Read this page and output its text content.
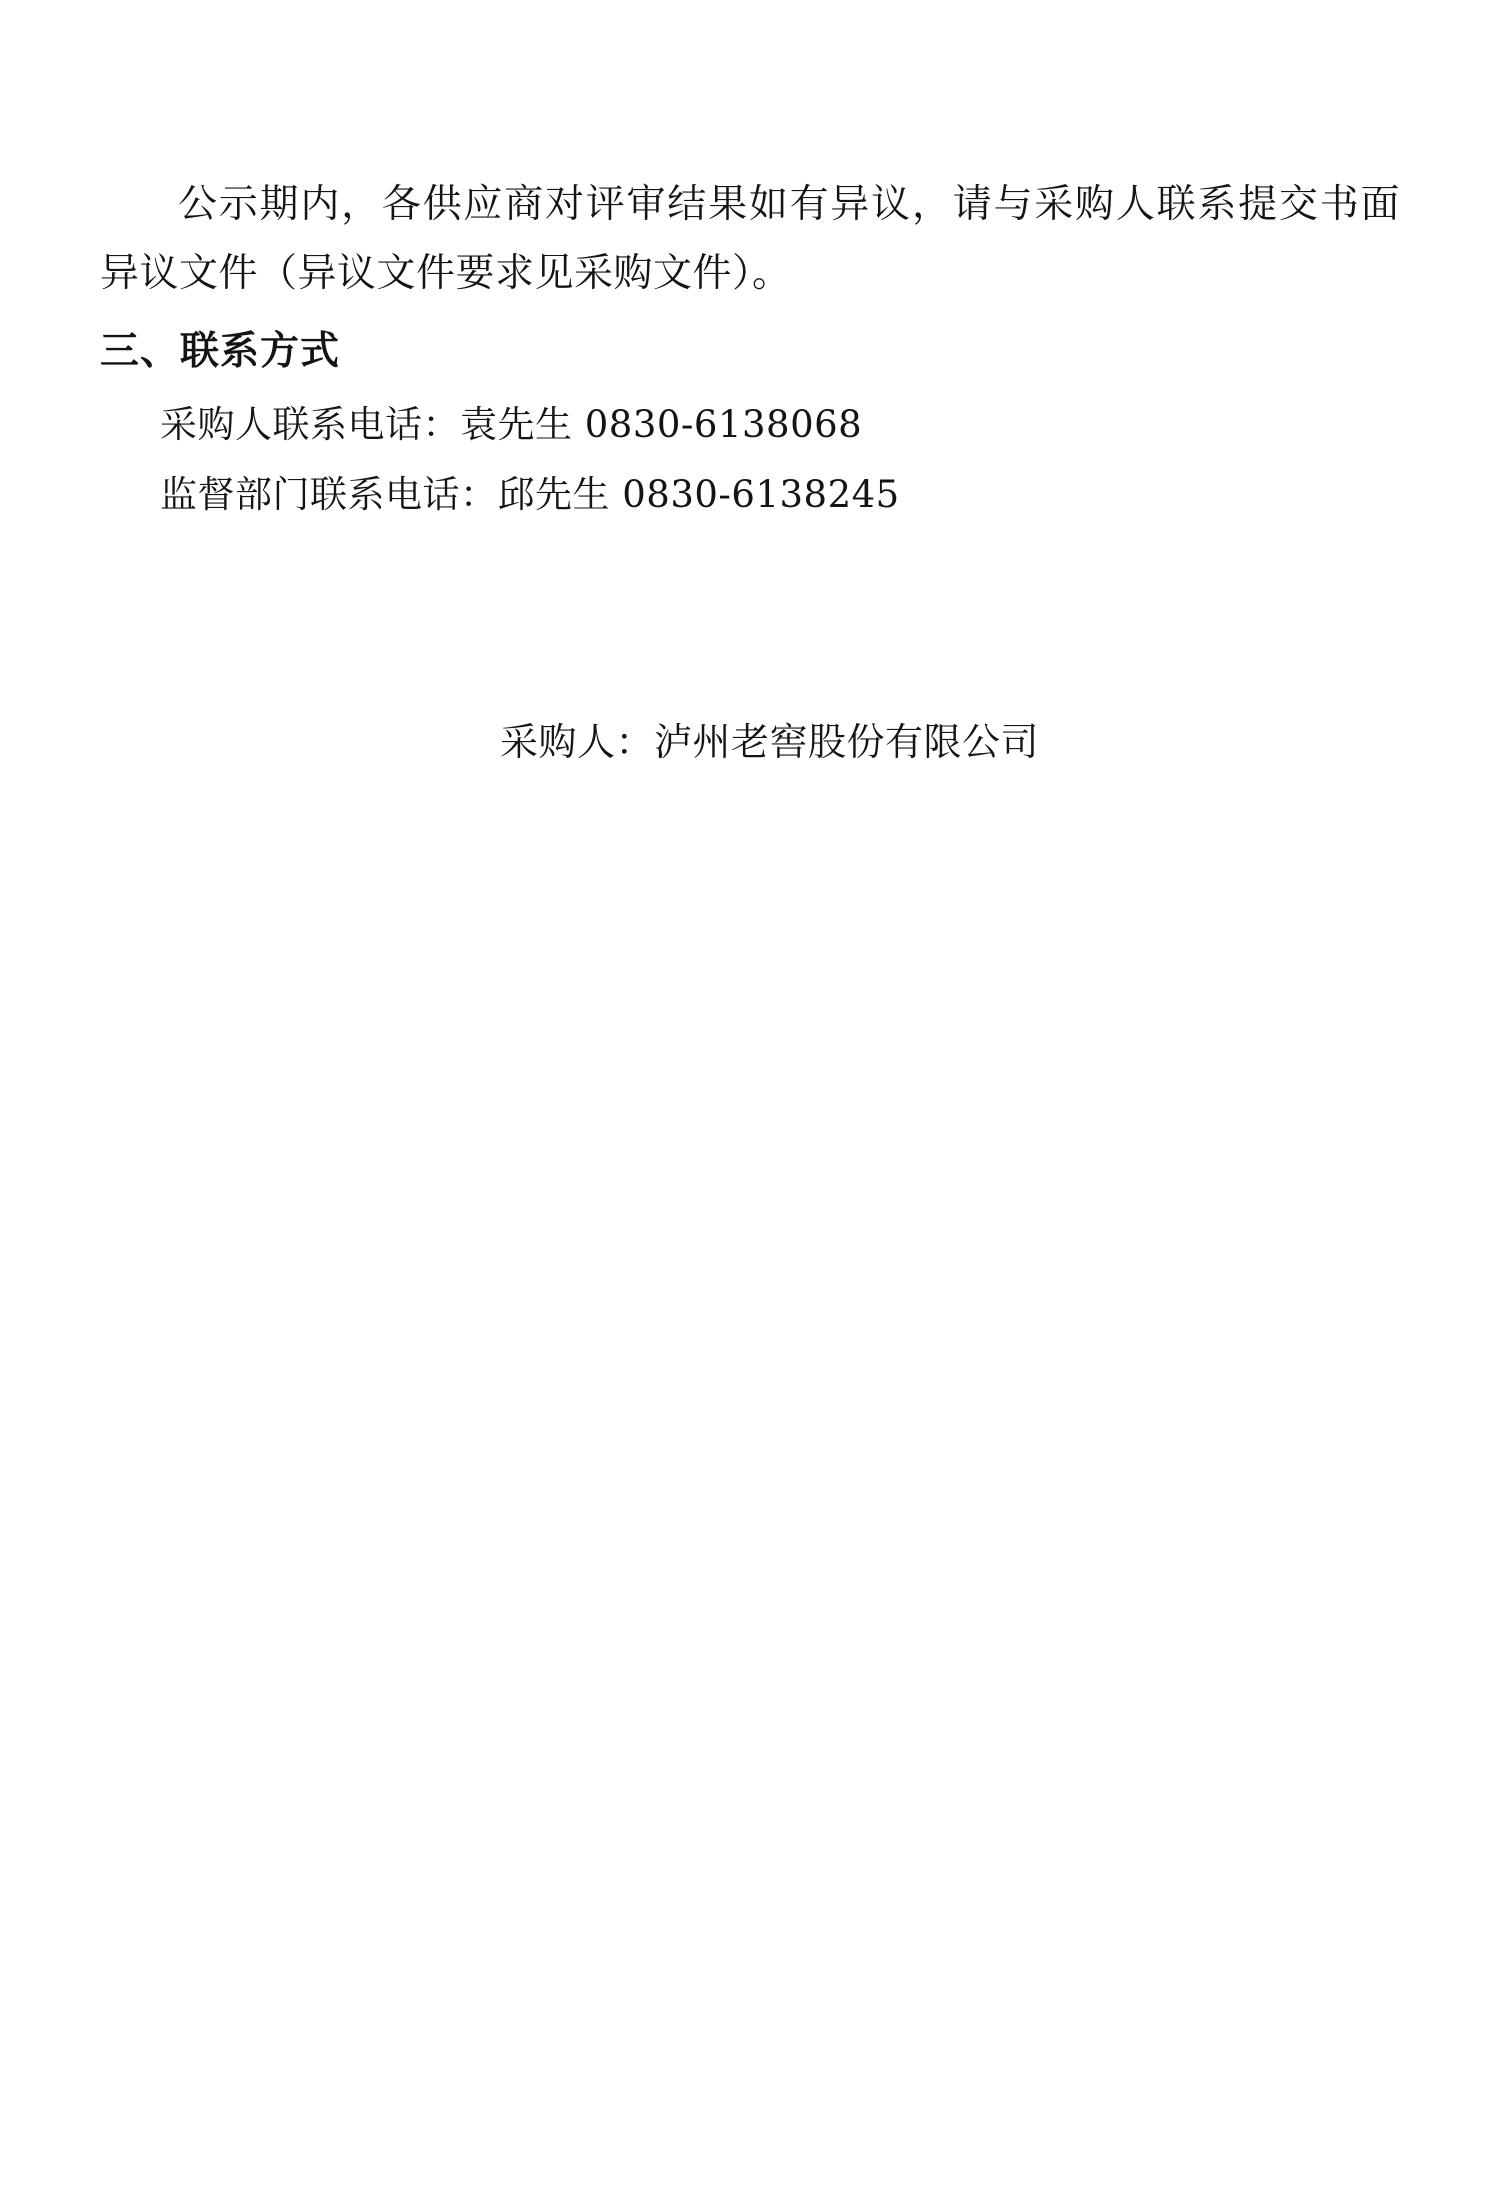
公示期内，各供应商对评审结果如有异议，请与采购人联系提交书面异议文件（异议文件要求见采购文件）。

三、联系方式

采购人联系电话：袁先生 0830-6138068

监督部门联系电话：邱先生 0830-6138245

采购人：泸州老窖股份有限公司
